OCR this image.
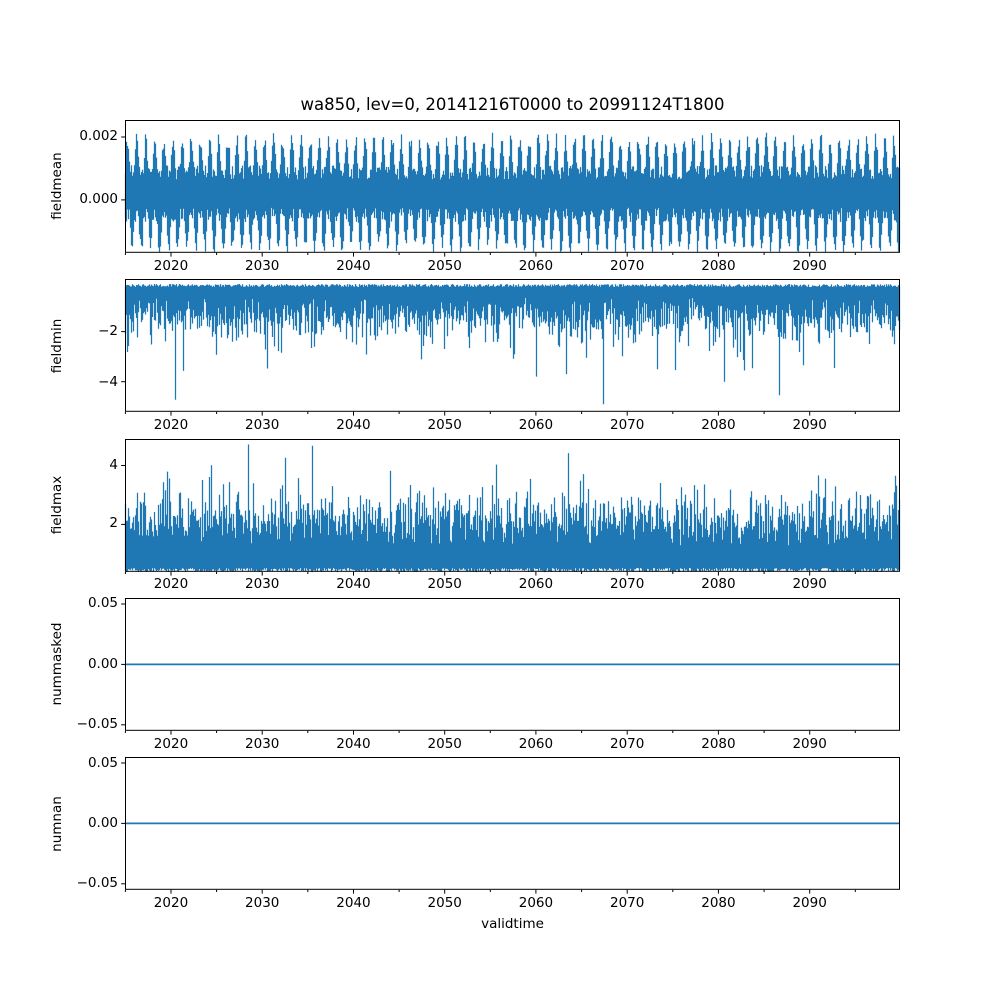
wa850, lev=0, 20141216T0000 to 20991124T1800
0.000
0.002
2020	2030	2040	2050	2060	2070	2080	2090
fieldmean
−4
−2
2020	2030	2040	2050	2060	2070	2080	2090
fieldmin
2
4
2020	2030	2040	2050	2060	2070	2080	2090
fieldmax
−0.05
0.00
0.05
2020	2030	2040	2050	2060	2070	2080	2090
nummasked
−0.05
0.00
0.05
2020	2030	2040	2050	2060	2070	2080	2090
numnan
validtime
